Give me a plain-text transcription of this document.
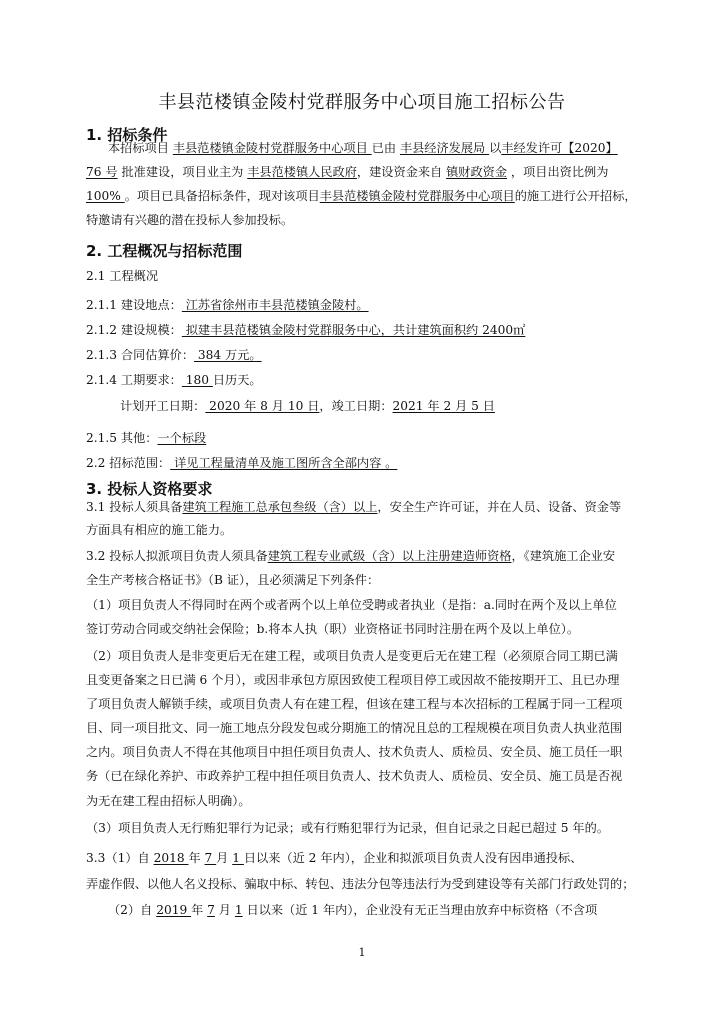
丰县范楼镇金陵村党群服务中心项目施工招标公告
1. 招标条件
本招标项目 丰县范楼镇金陵村党群服务中心项目 已由 丰县经济发展局 以丰经发许可【2020】
76 号 批准建设，项目业主为 丰县范楼镇人民政府，建设资金来自 镇财政资金 ，项目出资比例为
100% 。项目已具备招标条件，现对该项目丰县范楼镇金陵村党群服务中心项目的施工进行公开招标，
特邀请有兴趣的潜在投标人参加投标。
2. 工程概况与招标范围
2.1 工程概况
2.1.1 建设地点： 江苏省徐州市丰县范楼镇金陵村。
2.1.2 建设规模： 拟建丰县范楼镇金陵村党群服务中心，共计建筑面积约 2400㎡
2.1.3 合同估算价： 384 万元。
2.1.4 工期要求： 180 日历天。
计划开工日期： 2020 年 8 月 10 日，竣工日期：2021 年 2 月 5 日
2.1.5 其他：一个标段
2.2 招标范围： 详见工程量清单及施工图所含全部内容 。
3. 投标人资格要求
3.1 投标人须具备建筑工程施工总承包叁级（含）以上，安全生产许可证，并在人员、设备、资金等
方面具有相应的施工能力。
3.2 投标人拟派项目负责人须具备建筑工程专业贰级（含）以上注册建造师资格，《建筑施工企业安
全生产考核合格证书》（B 证），且必须满足下列条件：
（1）项目负责人不得同时在两个或者两个以上单位受聘或者执业（是指：a.同时在两个及以上单位
签订劳动合同或交纳社会保险；b.将本人执（职）业资格证书同时注册在两个及以上单位）。
（2）项目负责人是非变更后无在建工程，或项目负责人是变更后无在建工程（必须原合同工期已满
且变更备案之日已满 6 个月），或因非承包方原因致使工程项目停工或因故不能按期开工、且已办理
了项目负责人解锁手续，或项目负责人有在建工程，但该在建工程与本次招标的工程属于同一工程项
目、同一项目批文、同一施工地点分段发包或分期施工的情况且总的工程规模在项目负责人执业范围
之内。项目负责人不得在其他项目中担任项目负责人、技术负责人、质检员、安全员、施工员任一职
务（已在绿化养护、市政养护工程中担任项目负责人、技术负责人、质检员、安全员、施工员是否视
为无在建工程由招标人明确）。
（3）项目负责人无行贿犯罪行为记录；或有行贿犯罪行为记录，但自记录之日起已超过 5 年的。
3.3（1）自 2018 年 7 月 1 日以来（近 2 年内），企业和拟派项目负责人没有因串通投标、
弄虚作假、以他人名义投标、骗取中标、转包、违法分包等违法行为受到建设等有关部门行政处罚的；
（2）自 2019 年 7 月 1 日以来（近 1 年内），企业没有无正当理由放弃中标资格（不含项
1
